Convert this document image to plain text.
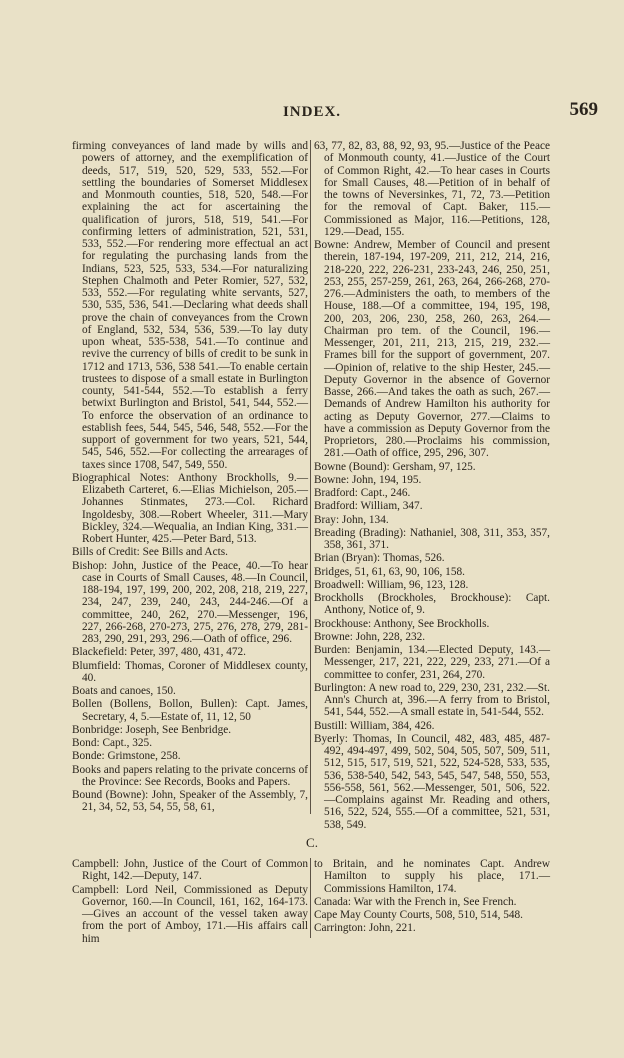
INDEX.	569

firming conveyances of land made by wills and powers of attorney, and the exemplification of deeds, 517, 519, 520, 529, 533, 552.—For settling the boundaries of Somerset Middlesex and Monmouth counties, 518, 520, 548.—For explaining the act for ascertaining the qualification of jurors, 518, 519, 541.—For confirming letters of administration, 521, 531, 533, 552.—For rendering more effectual an act for regulating the purchasing lands from the Indians, 523, 525, 533, 534.—For naturalizing Stephen Chalmoth and Peter Romier, 527, 532, 533, 552.—For regulating white servants, 527, 530, 535, 536, 541.—Declaring what deeds shall prove the chain of conveyances from the Crown of England, 532, 534, 536, 539.—To lay duty upon wheat, 535-538, 541.—To continue and revive the currency of bills of credit to be sunk in 1712 and 1713, 536, 538 541.—To enable certain trustees to dispose of a small estate in Burlington county, 541-544, 552.—To establish a ferry betwixt Burlington and Bristol, 541, 544, 552.—To enforce the observation of an ordinance to establish fees, 544, 545, 546, 548, 552.—For the support of government for two years, 521, 544, 545, 546, 552.—For collecting the arrearages of taxes since 1708, 547, 549, 550.

Biographical Notes: Anthony Brockholls, 9.—Elizabeth Carteret, 6.—Elias Michielson, 205.—Johannes Stinmates, 273.—Col. Richard Ingoldesby, 308.—Robert Wheeler, 311.—Mary Bickley, 324.—Wequalia, an Indian King, 331.—Robert Hunter, 425.—Peter Bard, 513.

Bills of Credit: See Bills and Acts.

Bishop: John, Justice of the Peace, 40.—To hear case in Courts of Small Causes, 48.—In Council, 188-194, 197, 199, 200, 202, 208, 218, 219, 227, 234, 247, 239, 240, 243, 244-246.—Of a committee, 240, 262, 270.—Messenger, 196, 227, 266-268, 270-273, 275, 276, 278, 279, 281-283, 290, 291, 293, 296.—Oath of office, 296.

Blackefield: Peter, 397, 480, 431, 472.

Blumfield: Thomas, Coroner of Middlesex county, 40.

Boats and canoes, 150.

Bollen (Bollens, Bollon, Bullen): Capt. James, Secretary, 4, 5.—Estate of, 11, 12, 50

Bonbridge: Joseph, See Benbridge.

Bond: Capt., 325.

Bonde: Grimstone, 258.

Books and papers relating to the private concerns of the Province: See Records, Books and Papers.

Bound (Bowne): John, Speaker of the Assembly, 7, 21, 34, 52, 53, 54, 55, 58, 61,

63, 77, 82, 83, 88, 92, 93, 95.—Justice of the Peace of Monmouth county, 41.—Justice of the Court of Common Right, 42.—To hear cases in Courts for Small Causes, 48.—Petition of in behalf of the towns of Neversinkes, 71, 72, 73.—Petition for the removal of Capt. Baker, 115.—Commissioned as Major, 116.—Petitions, 128, 129.—Dead, 155.

Bowne: Andrew, Member of Council and present therein, 187-194, 197-209, 211, 212, 214, 216, 218-220, 222, 226-231, 233-243, 246, 250, 251, 253, 255, 257-259, 261, 263, 264, 266-268, 270-276.—Administers the oath, to members of the House, 188.—Of a committee, 194, 195, 198, 200, 203, 206, 230, 258, 260, 263, 264.—Chairman pro tem. of the Council, 196.—Messenger, 201, 211, 213, 215, 219, 232.—Frames bill for the support of government, 207.—Opinion of, relative to the ship Hester, 245.—Deputy Governor in the absence of Governor Basse, 266.—And takes the oath as such, 267.—Demands of Andrew Hamilton his authority for acting as Deputy Governor, 277.—Claims to have a commission as Deputy Governor from the Proprietors, 280.—Proclaims his commission, 281.—Oath of office, 295, 296, 307.

Bowne (Bound): Gersham, 97, 125.

Bowne: John, 194, 195.

Bradford: Capt., 246.

Bradford: William, 347.

Bray: John, 134.

Breading (Brading): Nathaniel, 308, 311, 353, 357, 358, 361, 371.

Brian (Bryan): Thomas, 526.

Bridges, 51, 61, 63, 90, 106, 158.

Broadwell: William, 96, 123, 128.

Brockholls (Brockholes, Brockhouse): Capt. Anthony, Notice of, 9.

Brockhouse: Anthony, See Brockholls.

Browne: John, 228, 232.

Burden: Benjamin, 134.—Elected Deputy, 143.—Messenger, 217, 221, 222, 229, 233, 271.—Of a committee to confer, 231, 264, 270.

Burlington: A new road to, 229, 230, 231, 232.—St. Ann's Church at, 396.—A ferry from to Bristol, 541, 544, 552.—A small estate in, 541-544, 552.

Bustill: William, 384, 426.

Byerly: Thomas, In Council, 482, 483, 485, 487-492, 494-497, 499, 502, 504, 505, 507, 509, 511, 512, 515, 517, 519, 521, 522, 524-528, 533, 535, 536, 538-540, 542, 543, 545, 547, 548, 550, 553, 556-558, 561, 562.—Messenger, 501, 506, 522.—Complains against Mr. Reading and others, 516, 522, 524, 555.—Of a committee, 521, 531, 538, 549.

C.

Campbell: John, Justice of the Court of Common Right, 142.—Deputy, 147.

Campbell: Lord Neil, Commissioned as Deputy Governor, 160.—In Council, 161, 162, 164-173.—Gives an account of the vessel taken away from the port of Amboy, 171.—His affairs call him

to Britain, and he nominates Capt. Andrew Hamilton to supply his place, 171.—Commissions Hamilton, 174.

Canada: War with the French in, See French.

Cape May County Courts, 508, 510, 514, 548.

Carrington: John, 221.
